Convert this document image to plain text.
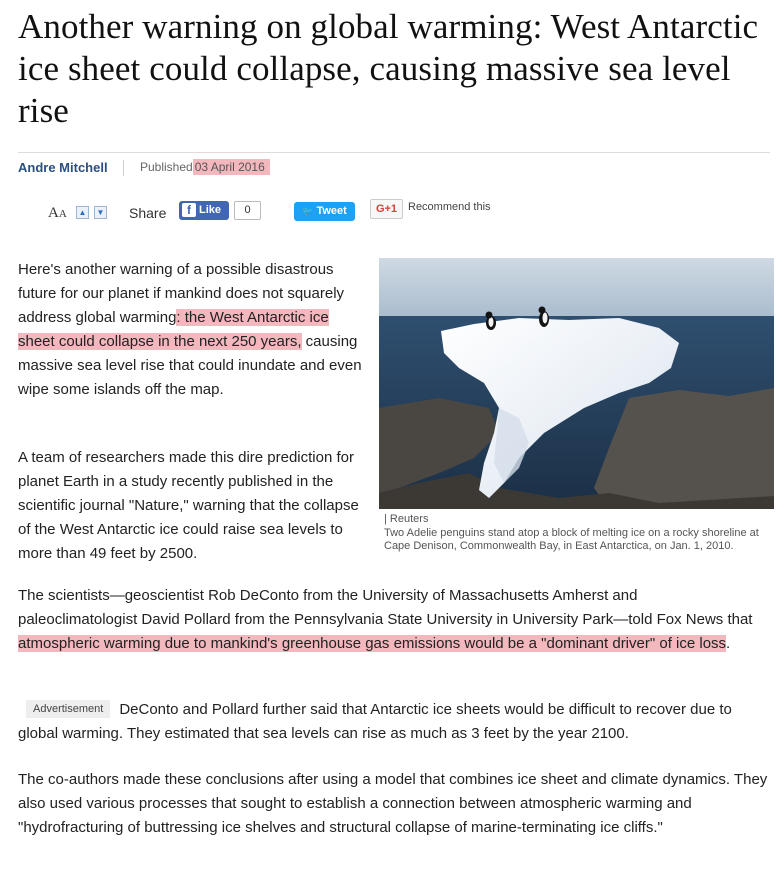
Another warning on global warming: West Antarctic ice sheet could collapse, causing massive sea level rise
Andre Mitchell	Published 03 April 2016
AA	▲	▼ Share	f Like	0	🐦 Tweet	G+1 Recommend this

Here's another warning of a possible disastrous future for our planet if mankind does not squarely address global warming: the West Antarctic ice sheet could collapse in the next 250 years, causing massive sea level rise that could inundate and even wipe some islands off the map.

A team of researchers made this dire prediction for planet Earth in a study recently published in the scientific journal "Nature," warning that the collapse of the West Antarctic ice could raise sea levels to more than 49 feet by 2500.

| Reuters
Two Adelie penguins stand atop a block of melting ice on a rocky shoreline at Cape Denison, Commonwealth Bay, in East Antarctica, on Jan. 1, 2010.

The scientists—geoscientist Rob DeConto from the University of Massachusetts Amherst and paleoclimatologist David Pollard from the Pennsylvania State University in University Park—told Fox News that atmospheric warming due to mankind's greenhouse gas emissions would be a "dominant driver" of ice loss.

Advertisement DeConto and Pollard further said that Antarctic ice sheets would be difficult to recover due to global warming. They estimated that sea levels can rise as much as 3 feet by the year 2100.

The co-authors made these conclusions after using a model that combines ice sheet and climate dynamics. They also used various processes that sought to establish a connection between atmospheric warming and "hydrofracturing of buttressing ice shelves and structural collapse of marine-terminating ice cliffs."
